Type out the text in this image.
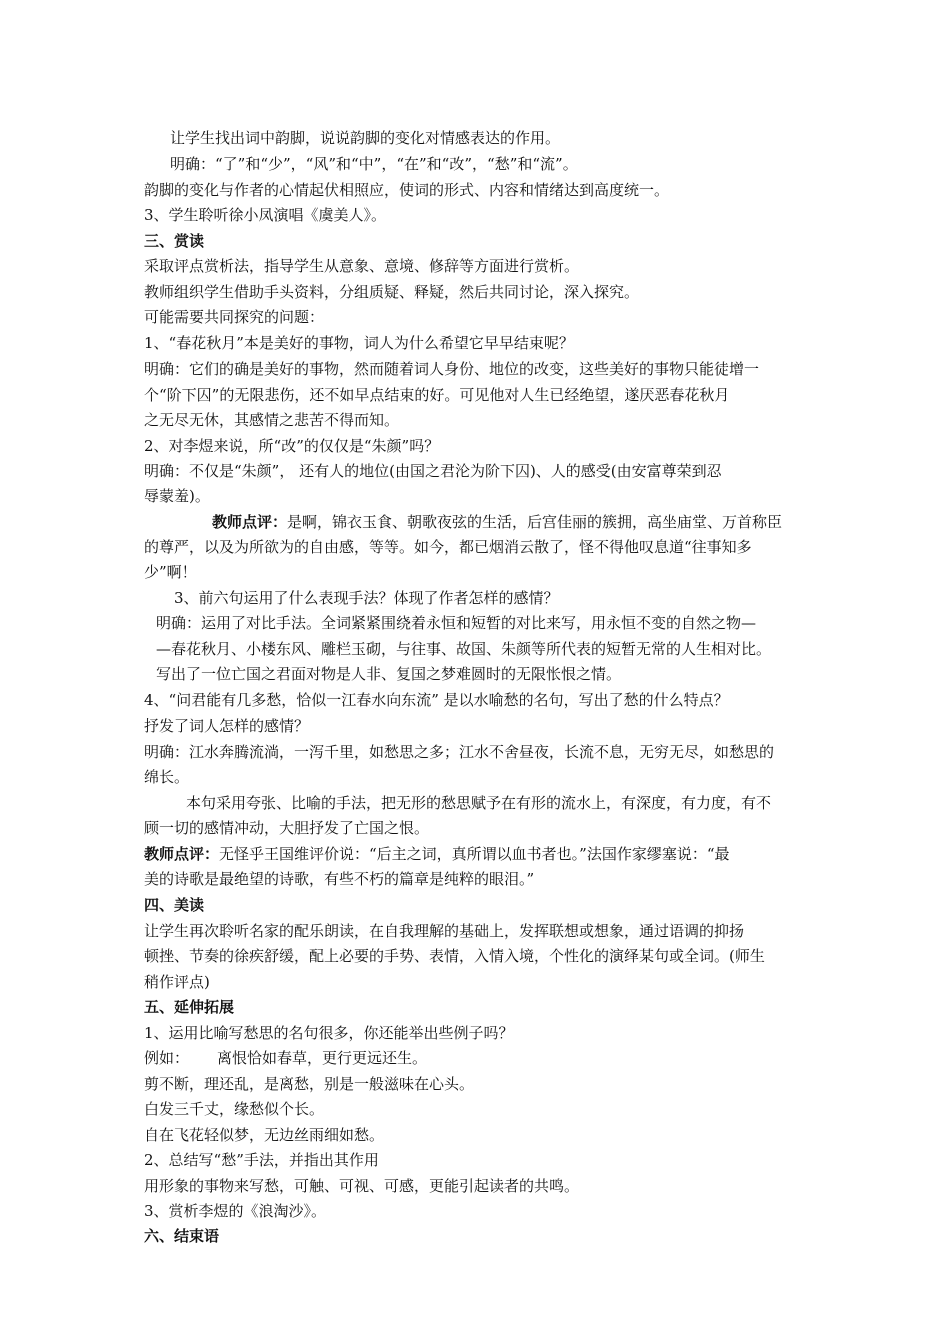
让学生找出词中韵脚，说说韵脚的变化对情感表达的作用。
明确：“了”和“少”，“风”和“中”，“在”和“改”，“愁”和“流”。
韵脚的变化与作者的心情起伏相照应，使词的形式、内容和情绪达到高度统一。
3、学生聆听徐小凤演唱《虞美人》。
三、赏读
采取评点赏析法，指导学生从意象、意境、修辞等方面进行赏析。
教师组织学生借助手头资料，分组质疑、释疑，然后共同讨论，深入探究。
可能需要共同探究的问题：
1、“春花秋月”本是美好的事物，词人为什么希望它早早结束呢？
明确：它们的确是美好的事物，然而随着词人身份、地位的改变，这些美好的事物只能徒增一
个“阶下囚”的无限悲伤，还不如早点结束的好。可见他对人生已经绝望，遂厌恶春花秋月
之无尽无休，其感情之悲苦不得而知。
2、对李煜来说，所“改”的仅仅是“朱颜”吗？
明确：不仅是“朱颜”， 还有人的地位(由国之君沦为阶下囚)、人的感受(由安富尊荣到忍
辱蒙羞)。
教师点评：是啊，锦衣玉食、朝歌夜弦的生活，后宫佳丽的簇拥，高坐庙堂、万首称臣
的尊严，以及为所欲为的自由感，等等。如今，都已烟消云散了，怪不得他叹息道“往事知多
少”啊！
3、前六句运用了什么表现手法？体现了作者怎样的感情？
明确：运用了对比手法。全词紧紧围绕着永恒和短暂的对比来写，用永恒不变的自然之物—
—春花秋月、小楼东风、雕栏玉砌，与往事、故国、朱颜等所代表的短暂无常的人生相对比。
写出了一位亡国之君面对物是人非、复国之梦难圆时的无限怅恨之情。
4、“问君能有几多愁，恰似一江春水向东流” 是以水喻愁的名句，写出了愁的什么特点？
抒发了词人怎样的感情？
明确：江水奔腾流淌，一泻千里，如愁思之多；江水不舍昼夜，长流不息，无穷无尽，如愁思的
绵长。
本句采用夸张、比喻的手法，把无形的愁思赋予在有形的流水上，有深度，有力度，有不
顾一切的感情冲动，大胆抒发了亡国之恨。
教师点评：无怪乎王国维评价说：“后主之词，真所谓以血书者也。”法国作家缪塞说：“最
美的诗歌是最绝望的诗歌，有些不朽的篇章是纯粹的眼泪。”
四、美读
让学生再次聆听名家的配乐朗读，在自我理解的基础上，发挥联想或想象，通过语调的抑扬
顿挫、节奏的徐疾舒缓，配上必要的手势、表情，入情入境，个性化的演绎某句或全词。(师生
稍作评点)
五、延伸拓展
1、运用比喻写愁思的名句很多，你还能举出些例子吗？
例如： 离恨恰如春草，更行更远还生。
剪不断，理还乱，是离愁，别是一般滋味在心头。
白发三千丈，缘愁似个长。
自在飞花轻似梦，无边丝雨细如愁。
2、总结写“愁”手法，并指出其作用
用形象的事物来写愁，可触、可视、可感，更能引起读者的共鸣。
3、赏析李煜的《浪淘沙》。
六、结束语
